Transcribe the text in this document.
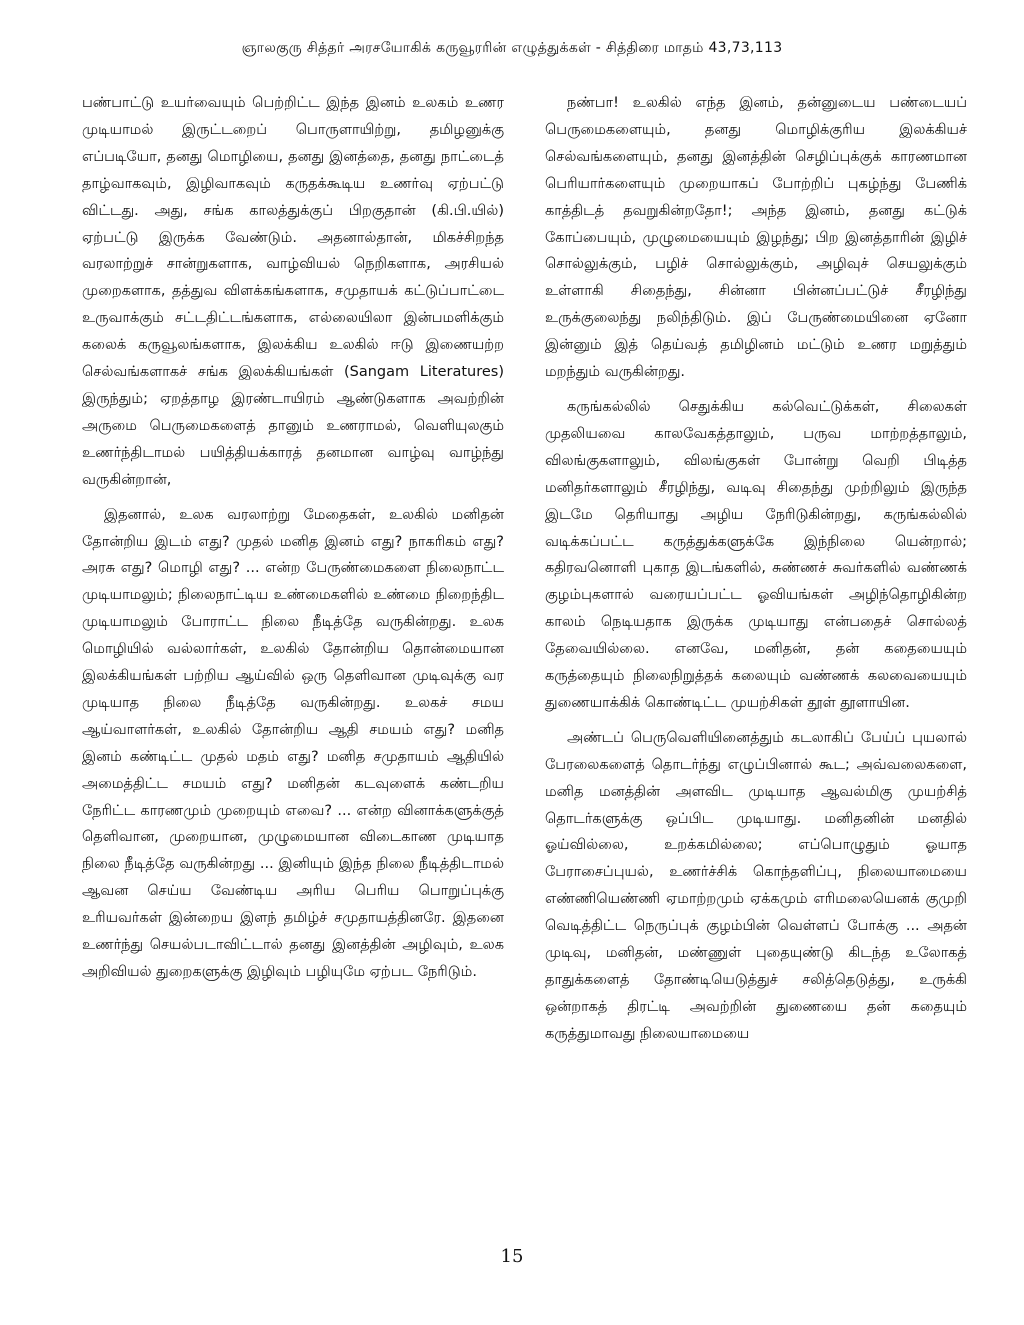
ஞாலகுரு சித்தர் அரசயோகிக் கருவூரரின் எழுத்துக்கள் - சித்திரை மாதம் 43,73,113

பண்பாட்டு உயர்வையும் பெற்றிட்ட இந்த இனம் உலகம் உணர முடியாமல் இருட்டறைப் பொருளாயிற்று, தமிழனுக்கு எப்படியோ, தனது மொழியை, தனது இனத்தை, தனது நாட்டைத் தாழ்வாகவும், இழிவாகவும் கருதக்கூடிய உணர்வு ஏற்பட்டு விட்டது. அது, சங்க காலத்துக்குப் பிறகுதான் (கி.பி.யில்) ஏற்பட்டு இருக்க வேண்டும். அதனால்தான், மிகச்சிறந்த வரலாற்றுச் சான்றுகளாக, வாழ்வியல் நெறிகளாக, அரசியல் முறைகளாக, தத்துவ விளக்கங்களாக, சமுதாயக் கட்டுப்பாட்டை உருவாக்கும் சட்டதிட்டங்களாக, எல்லையிலா இன்பமளிக்கும் கலைக் கருவூலங்களாக, இலக்கிய உலகில் ஈடு இணையற்ற செல்வங்களாகச் சங்க இலக்கியங்கள் (Sangam Literatures) இருந்தும்; ஏறத்தாழ இரண்டாயிரம் ஆண்டுகளாக அவற்றின் அருமை பெருமைகளைத் தானும் உணராமல், வெளியுலகும் உணர்ந்திடாமல் பயித்தியக்காரத் தனமான வாழ்வு வாழ்ந்து வருகின்றான்,

இதனால், உலக வரலாற்று மேதைகள், உலகில் மனிதன் தோன்றிய இடம் எது? முதல் மனித இனம் எது? நாகரிகம் எது? அரசு எது? மொழி எது? ... என்ற பேருண்மைகளை நிலைநாட்ட முடியாமலும்; நிலைநாட்டிய உண்மைகளில் உண்மை நிறைந்திட முடியாமலும் போராட்ட நிலை நீடித்தே வருகின்றது. உலக மொழியில் வல்லார்கள், உலகில் தோன்றிய தொன்மையான இலக்கியங்கள் பற்றிய ஆய்வில் ஒரு தெளிவான முடிவுக்கு வர முடியாத நிலை நீடித்தே வருகின்றது. உலகச் சமய ஆய்வாளர்கள், உலகில் தோன்றிய ஆதி சமயம் எது? மனித இனம் கண்டிட்ட முதல் மதம் எது? மனித சமுதாயம் ஆதியில் அமைத்திட்ட சமயம் எது? மனிதன் கடவுளைக் கண்டறிய நேரிட்ட காரணமும் முறையும் எவை? ... என்ற வினாக்களுக்குத் தெளிவான, முறையான, முழுமையான விடைகாண முடியாத நிலை நீடித்தே வருகின்றது ... இனியும் இந்த நிலை நீடித்திடாமல் ஆவன செய்ய வேண்டிய அரிய பெரிய பொறுப்புக்கு உரியவர்கள் இன்றைய இளந் தமிழ்ச் சமுதாயத்தினரே. இதனை உணர்ந்து செயல்படாவிட்டால் தனது இனத்தின் அழிவும், உலக அறிவியல் துறைகளுக்கு இழிவும் பழியுமே ஏற்பட நேரிடும்.

நண்பா! உலகில் எந்த இனம், தன்னுடைய பண்டையப் பெருமைகளையும், தனது மொழிக்குரிய இலக்கியச் செல்வங்களையும், தனது இனத்தின் செழிப்புக்குக் காரணமான பெரியார்களையும் முறையாகப் போற்றிப் புகழ்ந்து பேணிக் காத்திடத் தவறுகின்றதோ!; அந்த இனம், தனது கட்டுக் கோப்பையும், முழுமையையும் இழந்து; பிற இனத்தாரின் இழிச் சொல்லுக்கும், பழிச் சொல்லுக்கும், அழிவுச் செயலுக்கும் உள்ளாகி சிதைந்து, சின்னா பின்னப்பட்டுச் சீரழிந்து உருக்குலைந்து நலிந்திடும். இப் பேருண்மையினை ஏனோ இன்னும் இத் தெய்வத் தமிழினம் மட்டும் உணர மறுத்தும் மறந்தும் வருகின்றது.

கருங்கல்லில் செதுக்கிய கல்வெட்டுக்கள், சிலைகள் முதலியவை காலவேகத்தாலும், பருவ மாற்றத்தாலும், விலங்குகளாலும், விலங்குகள் போன்று வெறி பிடித்த மனிதர்களாலும் சீரழிந்து, வடிவு சிதைந்து முற்றிலும் இருந்த இடமே தெரியாது அழிய நேரிடுகின்றது, கருங்கல்லில் வடிக்கப்பட்ட கருத்துக்களுக்கே இந்நிலை யென்றால்; கதிரவனொளி புகாத இடங்களில், சுண்ணச் சுவர்களில் வண்ணக் குழம்புகளால் வரையப்பட்ட ஓவியங்கள் அழிந்தொழிகின்ற காலம் நெடியதாக இருக்க முடியாது என்பதைச் சொல்லத் தேவையில்லை. எனவே, மனிதன், தன் கதையையும் கருத்தையும் நிலைநிறுத்தக் கலையும் வண்ணக் கலவையையும் துணையாக்கிக் கொண்டிட்ட முயற்சிகள் தூள் தூளாயின.

அண்டப் பெருவெளியினைத்தும் கடலாகிப் பேய்ப் புயலால் பேரலைகளைத் தொடர்ந்து எழுப்பினால் கூட; அவ்வலைகளை, மனித மனத்தின் அளவிட முடியாத ஆவல்மிகு முயற்சித் தொடர்களுக்கு ஒப்பிட முடியாது. மனிதனின் மனதில் ஓய்வில்லை, உறக்கமில்லை; எப்பொழுதும் ஓயாத பேராசைப்புயல், உணர்ச்சிக் கொந்தளிப்பு, நிலையாமையை எண்ணியெண்ணி ஏமாற்றமும் ஏக்கமும் எரிமலையெனக் குமுறி வெடித்திட்ட நெருப்புக் குழம்பின் வெள்ளப் போக்கு ... அதன் முடிவு, மனிதன், மண்ணுள் புதையுண்டு கிடந்த உலோகத் தாதுக்களைத் தோண்டியெடுத்துச் சலித்தெடுத்து, உருக்கி ஒன்றாகத் திரட்டி அவற்றின் துணையை தன் கதையும் கருத்துமாவது நிலையாமையை

15
